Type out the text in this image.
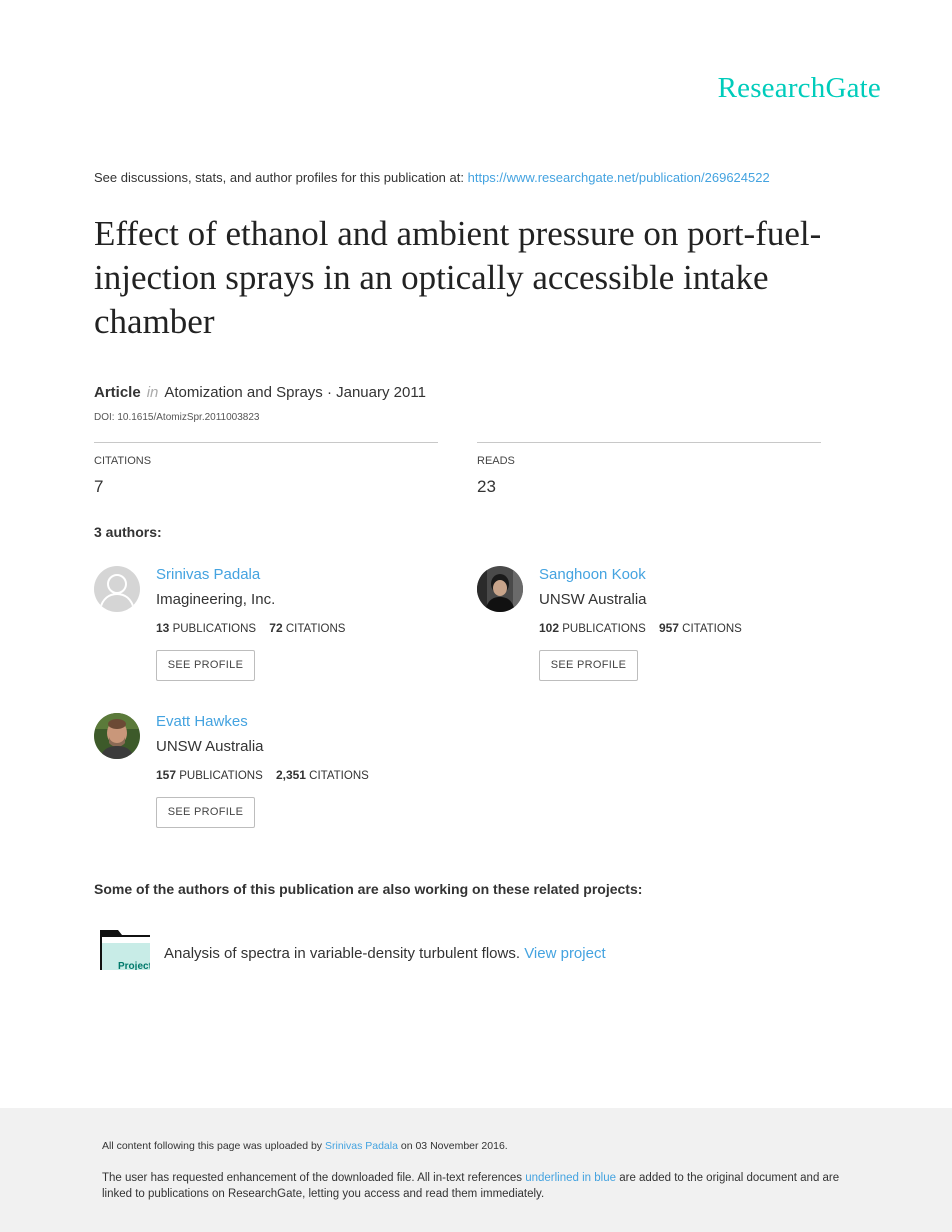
ResearchGate
See discussions, stats, and author profiles for this publication at: https://www.researchgate.net/publication/269624522
Effect of ethanol and ambient pressure on port-fuel-injection sprays in an optically accessible intake chamber
Article in Atomization and Sprays · January 2011
DOI: 10.1615/AtomizSpr.2011003823
CITATIONS
7
READS
23
3 authors:
Srinivas Padala
Imagineering, Inc.
13 PUBLICATIONS 72 CITATIONS
SEE PROFILE
Sanghoon Kook
UNSW Australia
102 PUBLICATIONS 957 CITATIONS
SEE PROFILE
Evatt Hawkes
UNSW Australia
157 PUBLICATIONS 2,351 CITATIONS
SEE PROFILE
Some of the authors of this publication are also working on these related projects:
Project
Analysis of spectra in variable-density turbulent flows. View project
All content following this page was uploaded by Srinivas Padala on 03 November 2016.
The user has requested enhancement of the downloaded file. All in-text references underlined in blue are added to the original document and are linked to publications on ResearchGate, letting you access and read them immediately.
